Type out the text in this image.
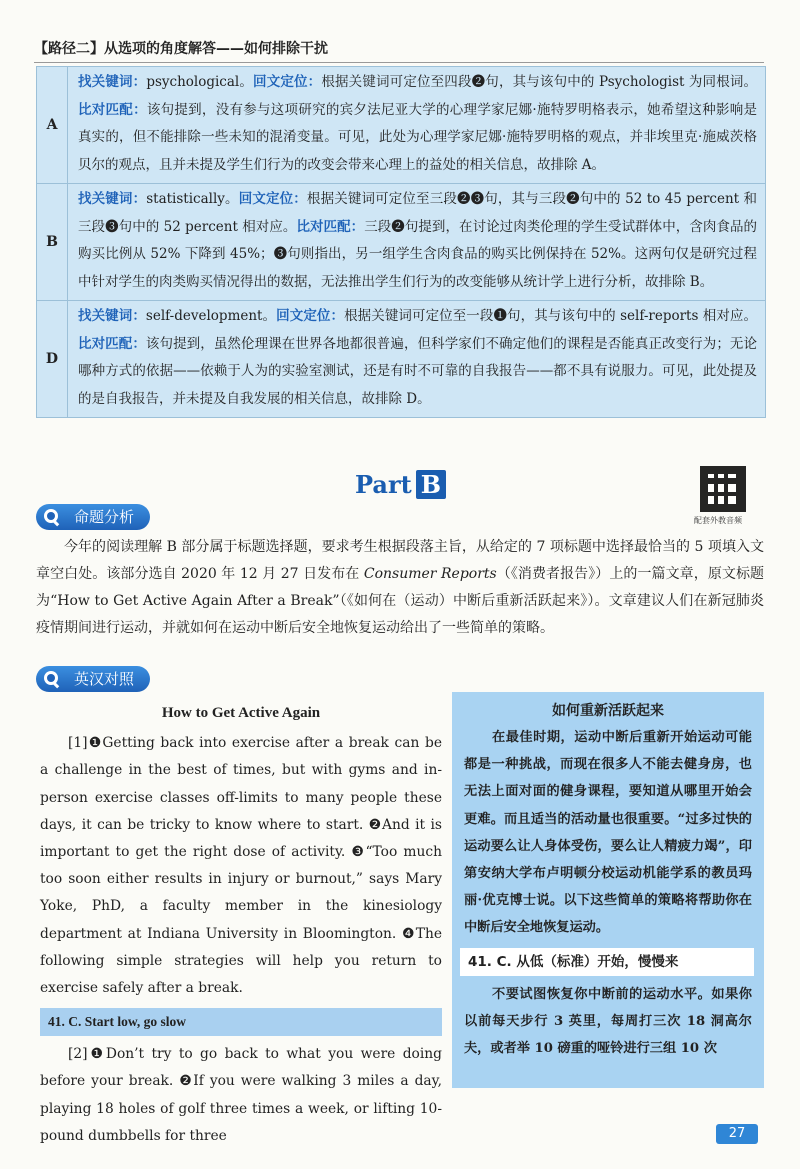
【路径二】从选项的角度解答——如何排除干扰
A
找关键词：psychological。回文定位：根据关键词可定位至四段❷句，其与该句中的 Psychologist 为同根词。比对匹配：该句提到，没有参与这项研究的宾夕法尼亚大学的心理学家尼娜·施特罗明格表示，她希望这种影响是真实的，但不能排除一些未知的混淆变量。可见，此处为心理学家尼娜·施特罗明格的观点，并非埃里克·施威茨格贝尔的观点，且并未提及学生们行为的改变会带来心理上的益处的相关信息，故排除 A。
B
找关键词：statistically。回文定位：根据关键词可定位至三段❷❸句，其与三段❷句中的 52 to 45 percent 和三段❸句中的 52 percent 相对应。比对匹配：三段❷句提到，在讨论过肉类伦理的学生受试群体中，含肉食品的购买比例从 52% 下降到 45%；❸句则指出，另一组学生含肉食品的购买比例保持在 52%。这两句仅是研究过程中针对学生的肉类购买情况得出的数据，无法推出学生们行为的改变能够从统计学上进行分析，故排除 B。
D
找关键词：self-development。回文定位：根据关键词可定位至一段❶句，其与该句中的 self-reports 相对应。比对匹配：该句提到，虽然伦理课在世界各地都很普遍，但科学家们不确定他们的课程是否能真正改变行为；无论哪种方式的依据——依赖于人为的实验室测试，还是有时不可靠的自我报告——都不具有说服力。可见，此处提及的是自我报告，并未提及自我发展的相关信息，故排除 D。
Part B
配套外教音频
命题分析
今年的阅读理解 B 部分属于标题选择题，要求考生根据段落主旨，从给定的 7 项标题中选择最恰当的 5 项填入文章空白处。该部分选自 2020 年 12 月 27 日发布在 Consumer Reports（《消费者报告》）上的一篇文章，原文标题为“How to Get Active Again After a Break”（《如何在（运动）中断后重新活跃起来》）。文章建议人们在新冠肺炎疫情期间进行运动，并就如何在运动中断后安全地恢复运动给出了一些简单的策略。
英汉对照
How to Get Active Again

[1]❶Getting back into exercise after a break can be a challenge in the best of times, but with gyms and in-person exercise classes off-limits to many people these days, it can be tricky to know where to start. ❷And it is important to get the right dose of activity. ❸“Too much too soon either results in injury or burnout,” says Mary Yoke, PhD, a faculty member in the kinesiology department at Indiana University in Bloomington. ❹The following simple strategies will help you return to exercise safely after a break.

41. C. Start low, go slow

[2]❶Don’t try to go back to what you were doing before your break. ❷If you were walking 3 miles a day, playing 18 holes of golf three times a week, or lifting 10-pound dumbbells for three

如何重新活跃起来

在最佳时期，运动中断后重新开始运动可能都是一种挑战，而现在很多人不能去健身房，也无法上面对面的健身课程，要知道从哪里开始会更难。而且适当的活动量也很重要。“过多过快的运动要么让人身体受伤，要么让人精疲力竭”，印第安纳大学布卢明顿分校运动机能学系的教员玛丽·优克博士说。以下这些简单的策略将帮助你在中断后安全地恢复运动。

41. C. 从低（标准）开始，慢慢来

不要试图恢复你中断前的运动水平。如果你以前每天步行 3 英里，每周打三次 18 洞高尔夫，或者举 10 磅重的哑铃进行三组 10 次

27
